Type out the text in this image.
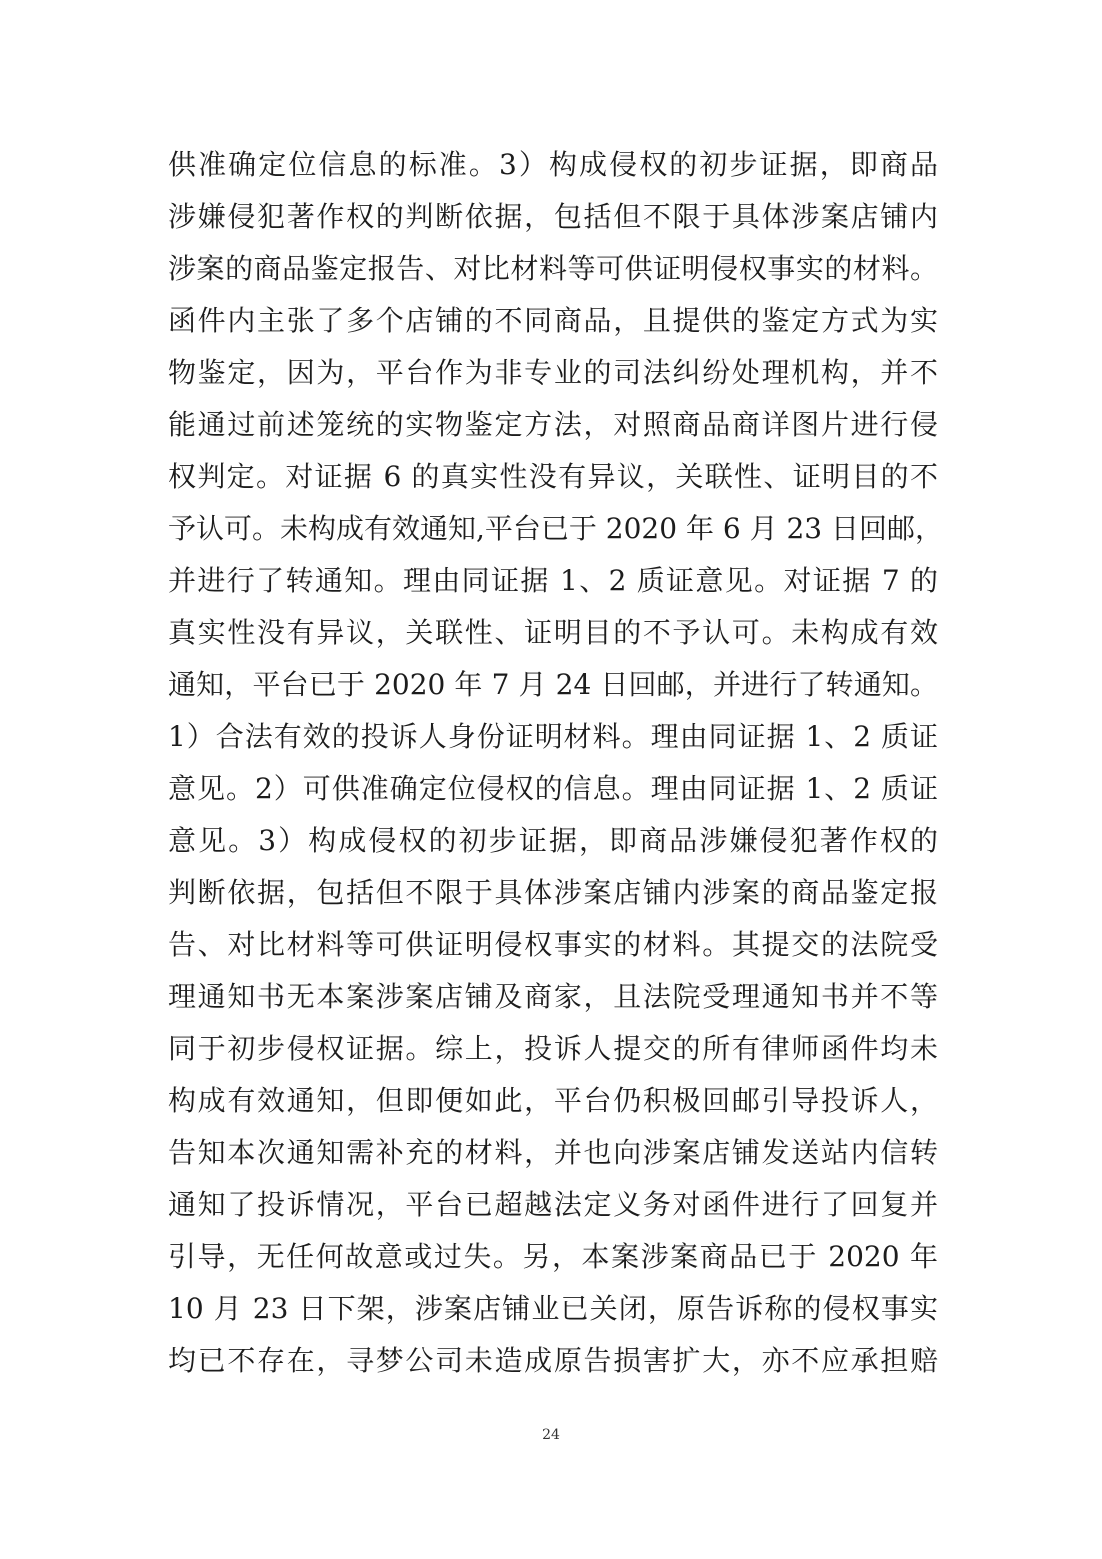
供准确定位信息的标准。3）构成侵权的初步证据，即商品
涉嫌侵犯著作权的判断依据，包括但不限于具体涉案店铺内
涉案的商品鉴定报告、对比材料等可供证明侵权事实的材料。
函件内主张了多个店铺的不同商品，且提供的鉴定方式为实
物鉴定，因为，平台作为非专业的司法纠纷处理机构，并不
能通过前述笼统的实物鉴定方法，对照商品商详图片进行侵
权判定。对证据 6 的真实性没有异议，关联性、证明目的不
予认可。未构成有效通知,平台已于 2020 年 6 月 23 日回邮，
并进行了转通知。理由同证据 1、2 质证意见。对证据 7 的
真实性没有异议，关联性、证明目的不予认可。未构成有效
通知，平台已于 2020 年 7 月 24 日回邮，并进行了转通知。
1）合法有效的投诉人身份证明材料。理由同证据 1、2 质证
意见。2）可供准确定位侵权的信息。理由同证据 1、2 质证
意见。3）构成侵权的初步证据，即商品涉嫌侵犯著作权的
判断依据，包括但不限于具体涉案店铺内涉案的商品鉴定报
告、对比材料等可供证明侵权事实的材料。其提交的法院受
理通知书无本案涉案店铺及商家，且法院受理通知书并不等
同于初步侵权证据。综上，投诉人提交的所有律师函件均未
构成有效通知，但即便如此，平台仍积极回邮引导投诉人，
告知本次通知需补充的材料，并也向涉案店铺发送站内信转
通知了投诉情况，平台已超越法定义务对函件进行了回复并
引导，无任何故意或过失。另，本案涉案商品已于 2020 年
10 月 23 日下架，涉案店铺业已关闭，原告诉称的侵权事实
均已不存在，寻梦公司未造成原告损害扩大，亦不应承担赔
24
